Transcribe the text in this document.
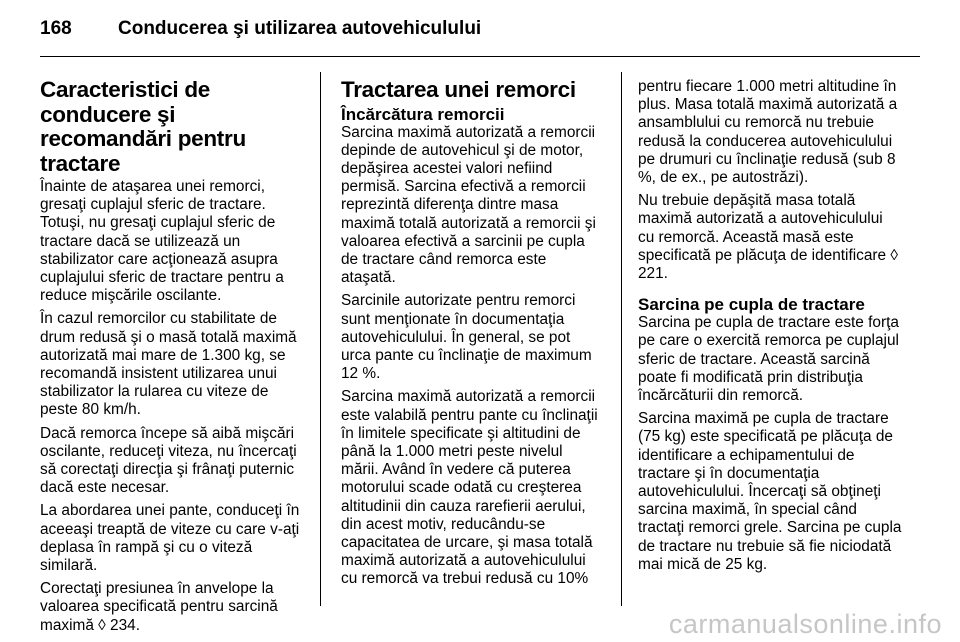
168	Conducerea şi utilizarea autovehiculului
Caracteristici de conducere şi recomandări pentru tractare
Înainte de ataşarea unei remorci, gresaţi cuplajul sferic de tractare. Totuşi, nu gresaţi cuplajul sferic de tractare dacă se utilizează un stabilizator care acţionează asupra cuplajului sferic de tractare pentru a reduce mişcările oscilante.
În cazul remorcilor cu stabilitate de drum redusă şi o masă totală maximă autorizată mai mare de 1.300 kg, se recomandă insistent utilizarea unui stabilizator la rularea cu viteze de peste 80 km/h.
Dacă remorca începe să aibă mişcări oscilante, reduceţi viteza, nu încercaţi să corectaţi direcţia şi frânaţi puternic dacă este necesar.
La abordarea unei pante, conduceţi în aceeaşi treaptă de viteze cu care v-aţi deplasa în rampă şi cu o viteză similară.
Corectaţi presiunea în anvelope la valoarea specificată pentru sarcină maximă ◊ 234.
Tractarea unei remorci
Încărcătura remorcii
Sarcina maximă autorizată a remorcii depinde de autovehicul şi de motor, depăşirea acestei valori nefiind permisă. Sarcina efectivă a remorcii reprezintă diferenţa dintre masa maximă totală autorizată a remorcii şi valoarea efectivă a sarcinii pe cupla de tractare când remorca este ataşată.
Sarcinile autorizate pentru remorci sunt menţionate în documentaţia autovehiculului. În general, se pot urca pante cu înclinaţie de maximum 12 %.
Sarcina maximă autorizată a remorcii este valabilă pentru pante cu înclinaţii în limitele specificate şi altitudini de până la 1.000 metri peste nivelul mării. Având în vedere că puterea motorului scade odată cu creşterea altitudinii din cauza rarefierii aerului, din acest motiv, reducându-se capacitatea de urcare, şi masa totală maximă autorizată a autovehiculului cu remorcă va trebui redusă cu 10%
pentru fiecare 1.000 metri altitudine în plus. Masa totală maximă autorizată a ansamblului cu remorcă nu trebuie redusă la conducerea autovehiculului pe drumuri cu înclinaţie redusă (sub 8 %, de ex., pe autostrăzi).
Nu trebuie depăşită masa totală maximă autorizată a autovehiculului cu remorcă. Această masă este specificată pe plăcuţa de identificare ◊ 221.
Sarcina pe cupla de tractare
Sarcina pe cupla de tractare este forţa pe care o exercită remorca pe cuplajul sferic de tractare. Această sarcină poate fi modificată prin distribuţia încărcăturii din remorcă.
Sarcina maximă pe cupla de tractare (75 kg) este specificată pe plăcuţa de identificare a echipamentului de tractare şi în documentaţia autovehiculului. Încercaţi să obţineţi sarcina maximă, în special când tractaţi remorci grele. Sarcina pe cupla de tractare nu trebuie să fie niciodată mai mică de 25 kg.
carmanualsonline.info
